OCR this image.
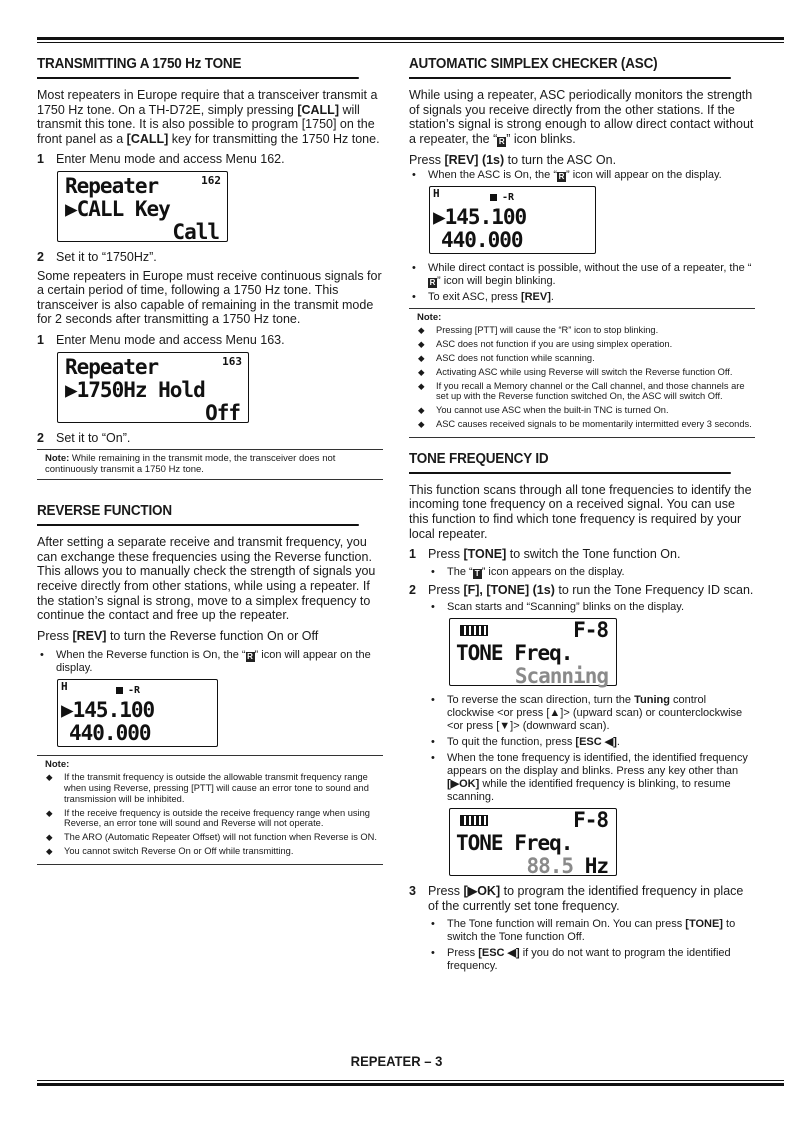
TRANSMITTING A 1750 Hz TONE

Most repeaters in Europe require that a transceiver transmit a 1750 Hz tone. On a TH-D72E, simply pressing [CALL] will transmit this tone. It is also possible to program [1750] on the front panel as a [CALL] key for transmitting the 1750 Hz tone.

1 Enter Menu mode and access Menu 162.
162
Repeater
▶CALL Key
Call
2 Set it to “1750Hz”.

Some repeaters in Europe must receive continuous signals for a certain period of time, following a 1750 Hz tone. This transceiver is also capable of remaining in the transmit mode for 2 seconds after transmitting a 1750 Hz tone.

1 Enter Menu mode and access Menu 163.
163
Repeater
▶1750Hz Hold
Off
2 Set it to “On”.
Note: While remaining in the transmit mode, the transceiver does not continuously transmit a 1750 Hz tone.
REVERSE FUNCTION

After setting a separate receive and transmit frequency, you can exchange these frequencies using the Reverse function. This allows you to manually check the strength of signals you receive directly from other stations, while using a repeater. If the station’s signal is strong, move to a simplex frequency to continue the contact and free up the repeater.

Press [REV] to turn the Reverse function On or Off

• When the Reverse function is On, the “ R ” icon will appear on the display.
H	-R
▶145.100
440.000
Note:
◆ If the transmit frequency is outside the allowable transmit frequency range when using Reverse, pressing [PTT] will cause an error tone to sound and transmission will be inhibited.
◆ If the receive frequency is outside the receive frequency range when using Reverse, an error tone will sound and Reverse will not operate.
◆ The ARO (Automatic Repeater Offset) will not function when Reverse is ON.
◆ You cannot switch Reverse On or Off while transmitting.
AUTOMATIC SIMPLEX CHECKER (ASC)

While using a repeater, ASC periodically monitors the strength of signals you receive directly from the other stations. If the station’s signal is strong enough to allow direct contact without a repeater, the “ R ” icon blinks.

Press [REV] (1s) to turn the ASC On.

• When the ASC is On, the “ R ” icon will appear on the display.
H	-R
▶145.100
440.000
• While direct contact is possible, without the use of a repeater, the “R ” icon will begin blinking.
• To exit ASC, press [REV].
Note:
◆ Pressing [PTT] will cause the “R” icon to stop blinking.
◆ ASC does not function if you are using simplex operation.
◆ ASC does not function while scanning.
◆ Activating ASC while using Reverse will switch the Reverse function Off.
◆ If you recall a Memory channel or the Call channel, and those channels are set up with the Reverse function switched On, the ASC will switch Off.
◆ You cannot use ASC when the built-in TNC is turned On.
◆ ASC causes received signals to be momentarily intermitted every 3 seconds.
TONE FREQUENCY ID

This function scans through all tone frequencies to identify the incoming tone frequency on a received signal. You can use this function to find which tone frequency is required by your local repeater.

1 Press [TONE] to switch the Tone function On.
• The “ T ” icon appears on the display.
2 Press [F], [TONE] (1s) to run the Tone Frequency ID scan.
• Scan starts and “Scanning” blinks on the display.
F-8
TONE Freq.
Scanning
• To reverse the scan direction, turn the Tuning control clockwise <or press [▲]> (upward scan) or counterclockwise <or press [▼]> (downward scan).
• To quit the function, press [ESC ◀].
• When the tone frequency is identified, the identified frequency appears on the display and blinks. Press any key other than [▶OK] while the identified frequency is blinking, to resume scanning.
F-8
TONE Freq.
88.5 Hz
3 Press [▶OK] to program the identified frequency in place of the currently set tone frequency.
• The Tone function will remain On. You can press [TONE] to switch the Tone function Off.
• Press [ESC ◀] if you do not want to program the identified frequency.
REPEATER – 3
